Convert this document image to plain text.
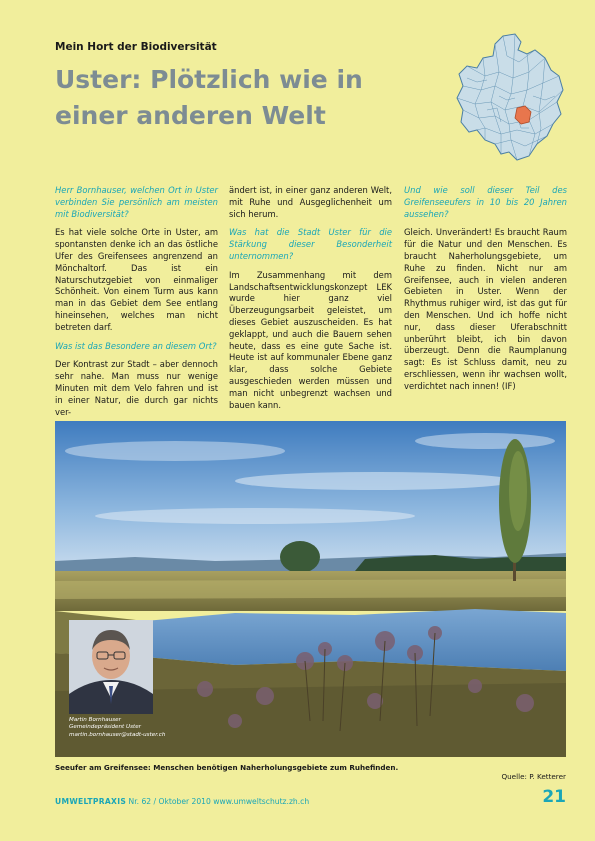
Mein Hort der Biodiversität
Uster: Plötzlich wie in
einer anderen Welt

Herr Bornhauser, welchen Ort in Uster verbinden Sie persönlich am meisten mit Biodiversität?

Es hat viele solche Orte in Uster, am spontansten denke ich an das östliche Ufer des Greifensees angrenzend an Mönchaltorf. Das ist ein Naturschutzgebiet von einmaliger Schönheit. Von einem Turm aus kann man in das Gebiet dem See entlang hineinsehen, welches man nicht betreten darf.

Was ist das Besondere an diesem Ort?

Der Kontrast zur Stadt – aber dennoch sehr nahe. Man muss nur wenige Minuten mit dem Velo fahren und ist in einer Natur, die durch gar nichts ver-

ändert ist, in einer ganz anderen Welt, mit Ruhe und Ausgeglichenheit um sich herum.

Was hat die Stadt Uster für die Stärkung dieser Besonderheit unternommen?

Im Zusammenhang mit dem Landschaftsentwicklungskonzept LEK wurde hier ganz viel Überzeugungsarbeit geleistet, um dieses Gebiet auszuscheiden. Es hat geklappt, und auch die Bauern sehen heute, dass es eine gute Sache ist. Heute ist auf kommunaler Ebene ganz klar, dass solche Gebiete ausgeschieden werden müssen und man nicht unbegrenzt wachsen und bauen kann.

Und wie soll dieser Teil des Greifenseeufers in 10 bis 20 Jahren aussehen?

Gleich. Unverändert! Es braucht Raum für die Natur und den Menschen. Es braucht Naherholungsgebiete, um Ruhe zu finden. Nicht nur am Greifensee, auch in vielen anderen Gebieten in Uster. Wenn der Rhythmus ruhiger wird, ist das gut für den Menschen. Und ich hoffe nicht nur, dass dieser Uferabschnitt unberührt bleibt, ich bin davon überzeugt. Denn die Raumplanung sagt: Es ist Schluss damit, neu zu erschliessen, wenn ihr wachsen wollt, verdichtet nach innen! (IF)

Martin Bornhauser
Gemeindepräsident Uster
martin.bornhauser@stadt-uster.ch
Seeufer am Greifensee: Menschen benötigen Naherholungsgebiete zum Ruhefinden.
Quelle: P. Ketterer
UMWELTPRAXIS Nr. 62 / Oktober 2010 www.umweltschutz.zh.ch	21
